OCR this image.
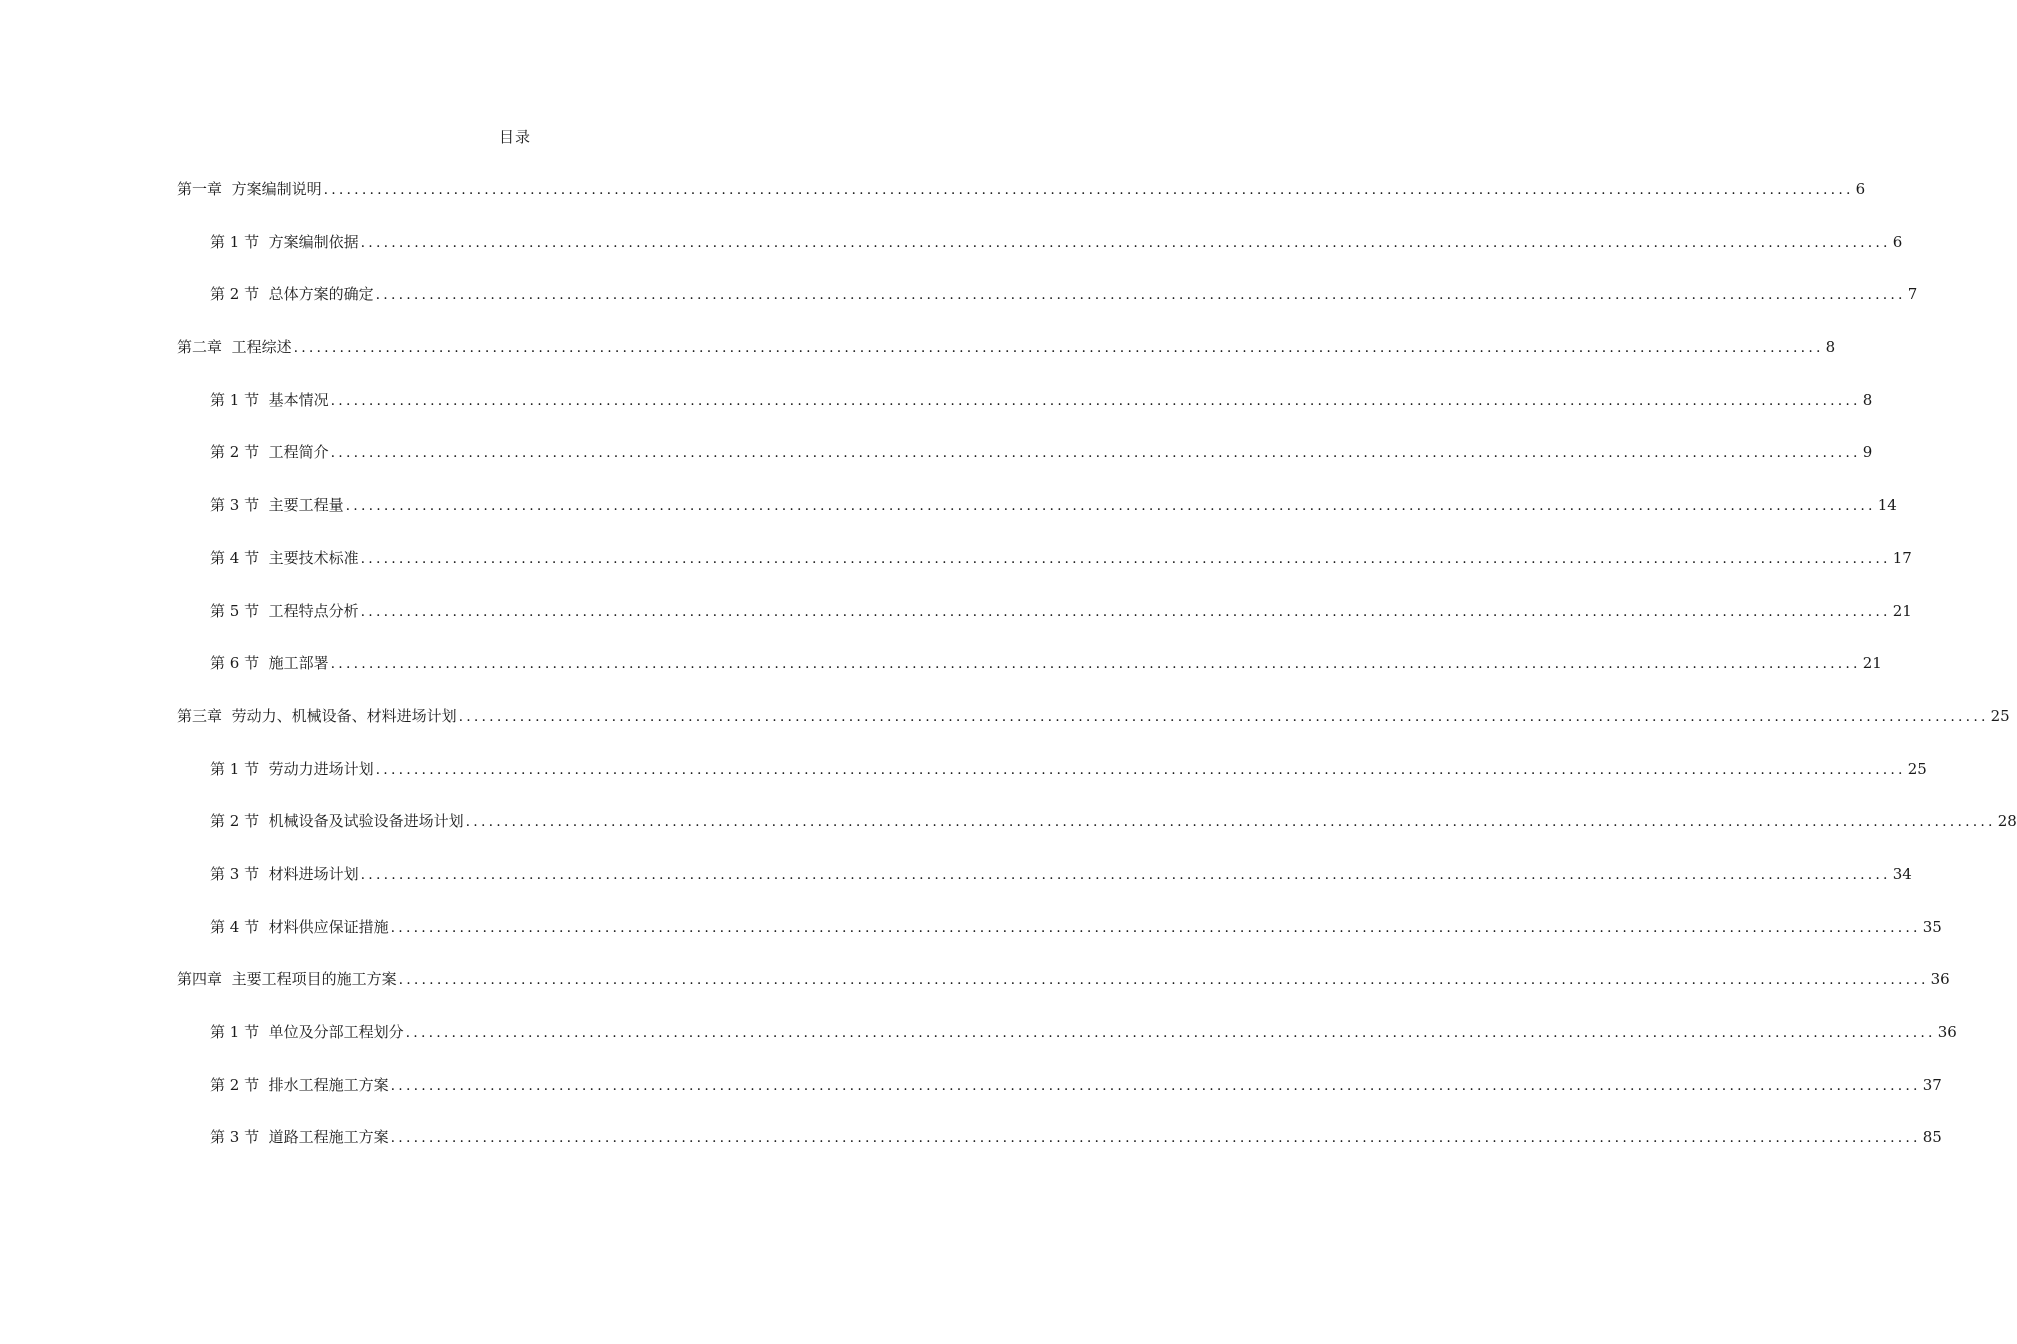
目录
第一章
方案编制说明 ........................................................................................................................................................................................................ 6
第 1 节
方案编制依据 ........................................................................................................................................................................................................ 6
第 2 节
总体方案的确定 ........................................................................................................................................................................................................ 7
第二章
工程综述 ........................................................................................................................................................................................................ 8
第 1 节
基本情况 ........................................................................................................................................................................................................ 8
第 2 节
工程简介 ........................................................................................................................................................................................................ 9
第 3 节
主要工程量 ........................................................................................................................................................................................................ 14
第 4 节
主要技术标准 ........................................................................................................................................................................................................ 17
第 5 节
工程特点分析 ........................................................................................................................................................................................................ 21
第 6 节
施工部署 ........................................................................................................................................................................................................ 21
第三章
劳动力、机械设备、材料进场计划 ........................................................................................................................................................................................................ 25
第 1 节
劳动力进场计划 ........................................................................................................................................................................................................ 25
第 2 节
机械设备及试验设备进场计划 ........................................................................................................................................................................................................ 28
第 3 节
材料进场计划 ........................................................................................................................................................................................................ 34
第 4 节
材料供应保证措施 ........................................................................................................................................................................................................ 35
第四章
主要工程项目的施工方案 ........................................................................................................................................................................................................ 36
第 1 节
单位及分部工程划分 ........................................................................................................................................................................................................ 36
第 2 节
排水工程施工方案 ........................................................................................................................................................................................................ 37
第 3 节
道路工程施工方案 ........................................................................................................................................................................................................ 85
